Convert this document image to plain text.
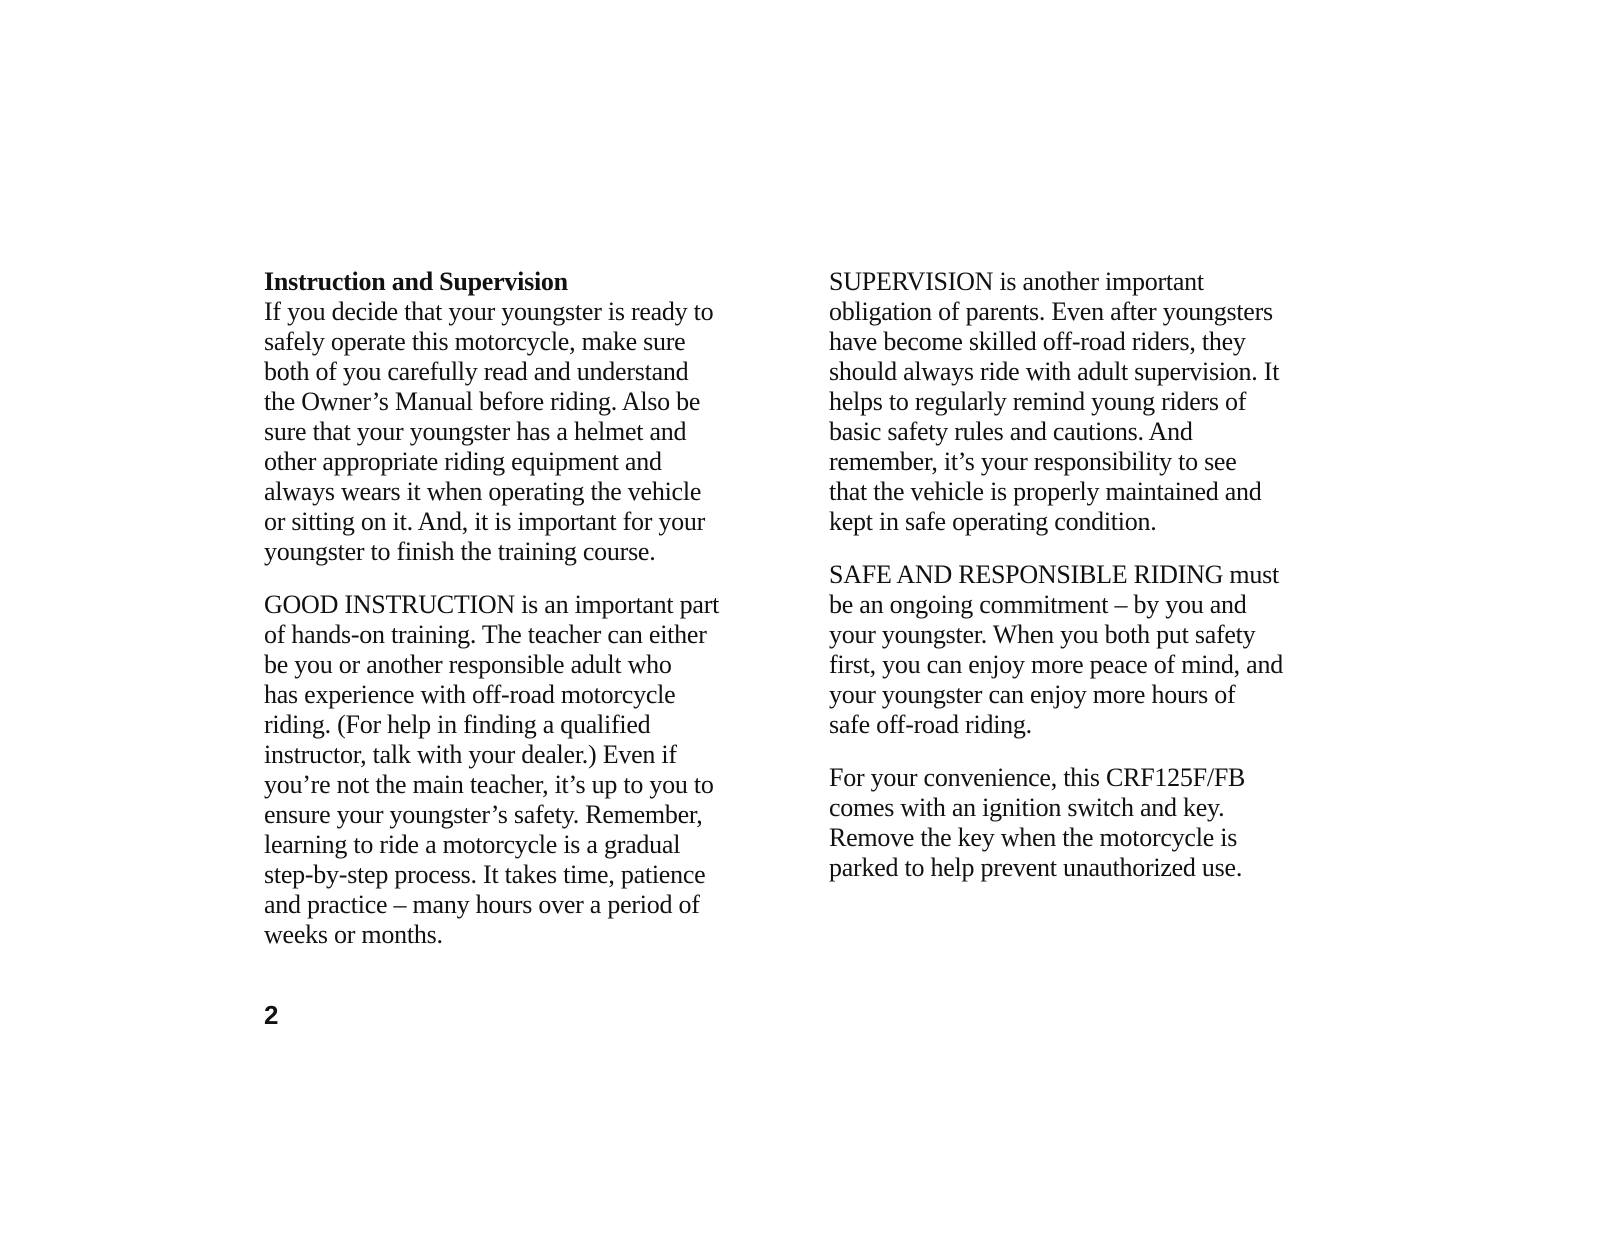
Instruction and Supervision

If you decide that your youngster is ready to
safely operate this motorcycle, make sure
both of you carefully read and understand
the Owner’s Manual before riding. Also be
sure that your youngster has a helmet and
other appropriate riding equipment and
always wears it when operating the vehicle
or sitting on it. And, it is important for your
youngster to finish the training course.

GOOD INSTRUCTION is an important part
of hands-on training. The teacher can either
be you or another responsible adult who
has experience with off-road motorcycle
riding. (For help in finding a qualified
instructor, talk with your dealer.) Even if
you’re not the main teacher, it’s up to you to
ensure your youngster’s safety. Remember,
learning to ride a motorcycle is a gradual
step-by-step process. It takes time, patience
and practice – many hours over a period of
weeks or months.

SUPERVISION is another important
obligation of parents. Even after youngsters
have become skilled off-road riders, they
should always ride with adult supervision. It
helps to regularly remind young riders of
basic safety rules and cautions. And
remember, it’s your responsibility to see
that the vehicle is properly maintained and
kept in safe operating condition.

SAFE AND RESPONSIBLE RIDING must
be an ongoing commitment – by you and
your youngster. When you both put safety
first, you can enjoy more peace of mind, and
your youngster can enjoy more hours of
safe off-road riding.

For your convenience, this CRF125F/FB
comes with an ignition switch and key.
Remove the key when the motorcycle is
parked to help prevent unauthorized use.

2
